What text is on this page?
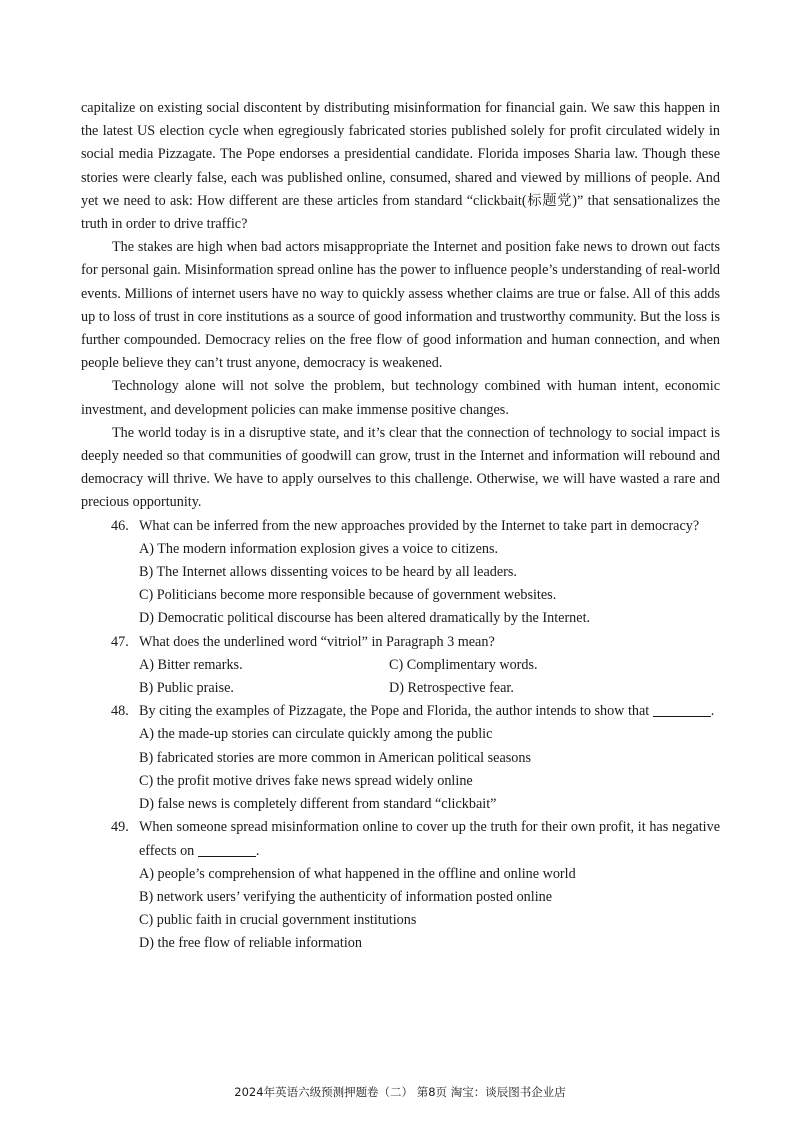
capitalize on existing social discontent by distributing misinformation for financial gain. We saw this happen in the latest US election cycle when egregiously fabricated stories published solely for profit circulated widely in social media Pizzagate. The Pope endorses a presidential candidate. Florida imposes Sharia law. Though these stories were clearly false, each was published online, consumed, shared and viewed by millions of people. And yet we need to ask: How different are these articles from standard “clickbait(标题党)” that sensationalizes the truth in order to drive traffic?

The stakes are high when bad actors misappropriate the Internet and position fake news to drown out facts for personal gain. Misinformation spread online has the power to influence people’s understanding of real-world events. Millions of internet users have no way to quickly assess whether claims are true or false. All of this adds up to loss of trust in core institutions as a source of good information and trustworthy community. But the loss is further compounded. Democracy relies on the free flow of good information and human connection, and when people believe they can’t trust anyone, democracy is weakened.

Technology alone will not solve the problem, but technology combined with human intent, economic investment, and development policies can make immense positive changes.

The world today is in a disruptive state, and it’s clear that the connection of technology to social impact is deeply needed so that communities of goodwill can grow, trust in the Internet and information will rebound and democracy will thrive. We have to apply ourselves to this challenge. Otherwise, we will have wasted a rare and precious opportunity.

46. What can be inferred from the new approaches provided by the Internet to take part in democracy?
A) The modern information explosion gives a voice to citizens.
B) The Internet allows dissenting voices to be heard by all leaders.
C) Politicians become more responsible because of government websites.
D) Democratic political discourse has been altered dramatically by the Internet.
47. What does the underlined word “vitriol” in Paragraph 3 mean?
A) Bitter remarks.	C) Complimentary words.
B) Public praise.	D) Retrospective fear.
48. By citing the examples of Pizzagate, the Pope and Florida, the author intends to show that	.
A) the made-up stories can circulate quickly among the public
B) fabricated stories are more common in American political seasons
C) the profit motive drives fake news spread widely online
D) false news is completely different from standard “clickbait”
49. When someone spread misinformation online to cover up the truth for their own profit, it has negative effects on	.
A) people’s comprehension of what happened in the offline and online world
B) network users’ verifying the authenticity of information posted online
C) public faith in crucial government institutions
D) the free flow of reliable information
2024年英语六级预测押题卷（二） 第8页 淘宝：谈辰图书企业店
